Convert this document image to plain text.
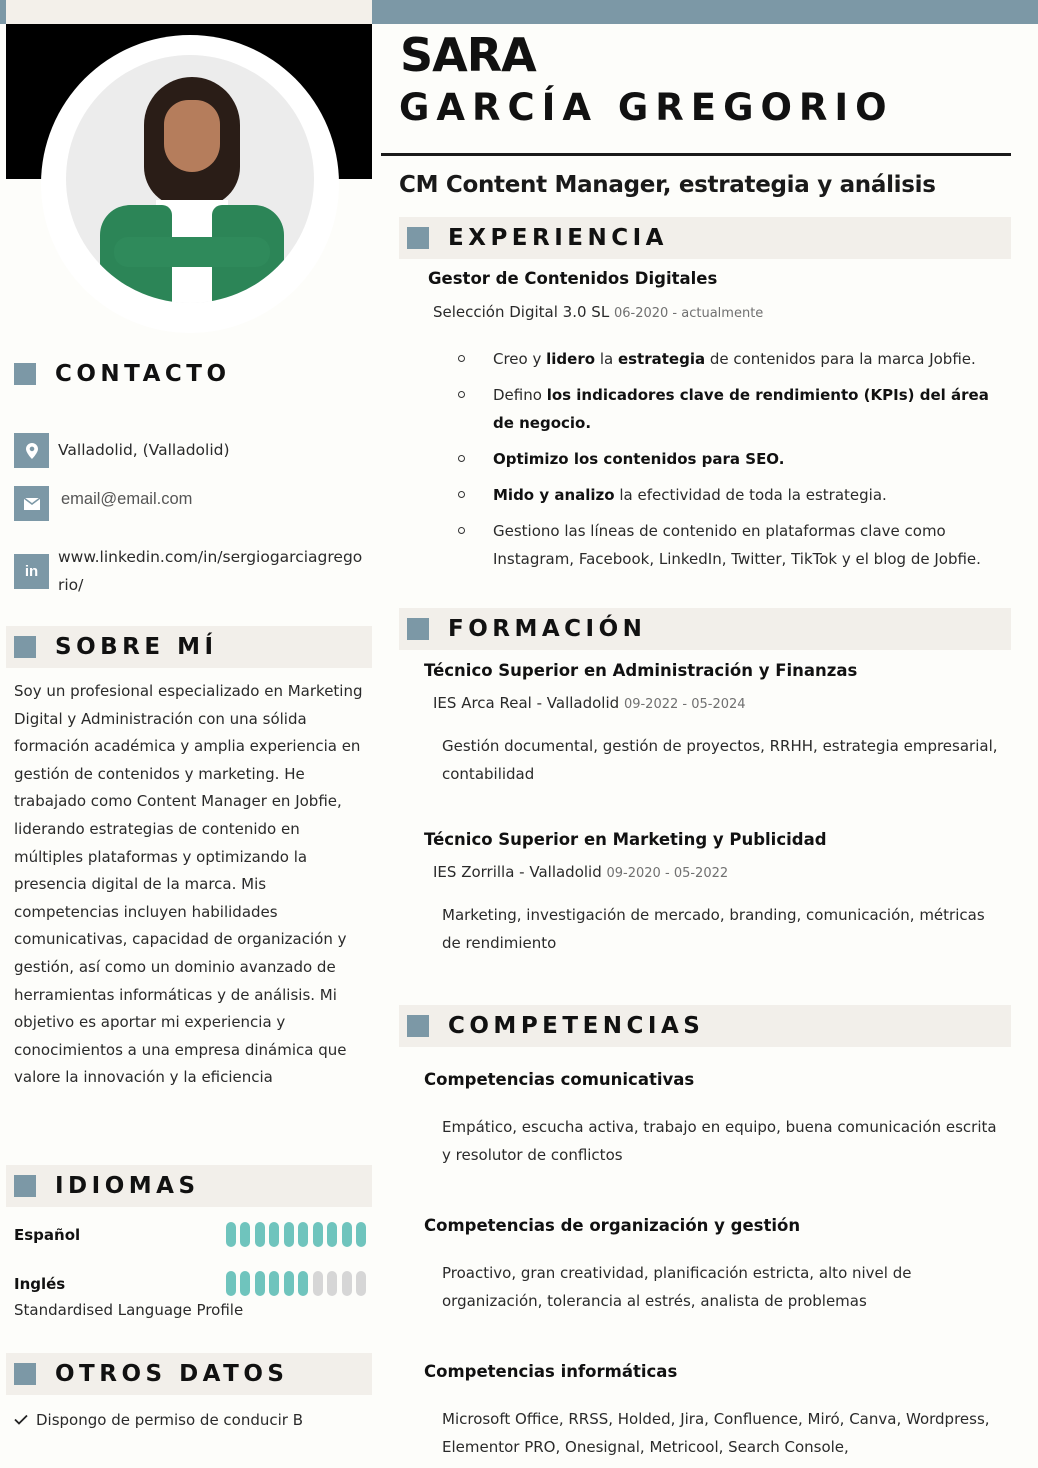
SARA
GARCÍA GREGORIO
CM Content Manager, estrategia y análisis
CONTACTO
Valladolid, (Valladolid)
email@email.com
in
www.linkedin.com/in/sergiogarciagregorio/
SOBRE MÍ
Soy un profesional especializado en Marketing Digital y Administración con una sólida formación académica y amplia experiencia en gestión de contenidos y marketing. He trabajado como Content Manager en Jobfie, liderando estrategias de contenido en múltiples plataformas y optimizando la presencia digital de la marca. Mis competencias incluyen habilidades comunicativas, capacidad de organización y gestión, así como un dominio avanzado de herramientas informáticas y de análisis. Mi objetivo es aportar mi experiencia y conocimientos a una empresa dinámica que valore la innovación y la eficiencia
IDIOMAS
Español
Inglés
Standardised Language Profile
OTROS DATOS
Dispongo de permiso de conducir B
EXPERIENCIA
Gestor de Contenidos Digitales
Selección Digital 3.0 SL 06-2020 - actualmente
Creo y lidero la estrategia de contenidos para la marca Jobfie.
Defino los indicadores clave de rendimiento (KPIs) del área de negocio.
Optimizo los contenidos para SEO.
Mido y analizo la efectividad de toda la estrategia.
Gestiono las líneas de contenido en plataformas clave como Instagram, Facebook, LinkedIn, Twitter, TikTok y el blog de Jobfie.
FORMACIÓN
Técnico Superior en Administración y Finanzas
IES Arca Real - Valladolid 09-2022 - 05-2024
Gestión documental, gestión de proyectos, RRHH, estrategia empresarial, contabilidad
Técnico Superior en Marketing y Publicidad
IES Zorrilla - Valladolid 09-2020 - 05-2022
Marketing, investigación de mercado, branding, comunicación, métricas de rendimiento
COMPETENCIAS
Competencias comunicativas
Empático, escucha activa, trabajo en equipo, buena comunicación escrita y resolutor de conflictos
Competencias de organización y gestión
Proactivo, gran creatividad, planificación estricta, alto nivel de organización, tolerancia al estrés, analista de problemas
Competencias informáticas
Microsoft Office, RRSS, Holded, Jira, Confluence, Miró, Canva, Wordpress, Elementor PRO, Onesignal, Metricool, Search Console,
